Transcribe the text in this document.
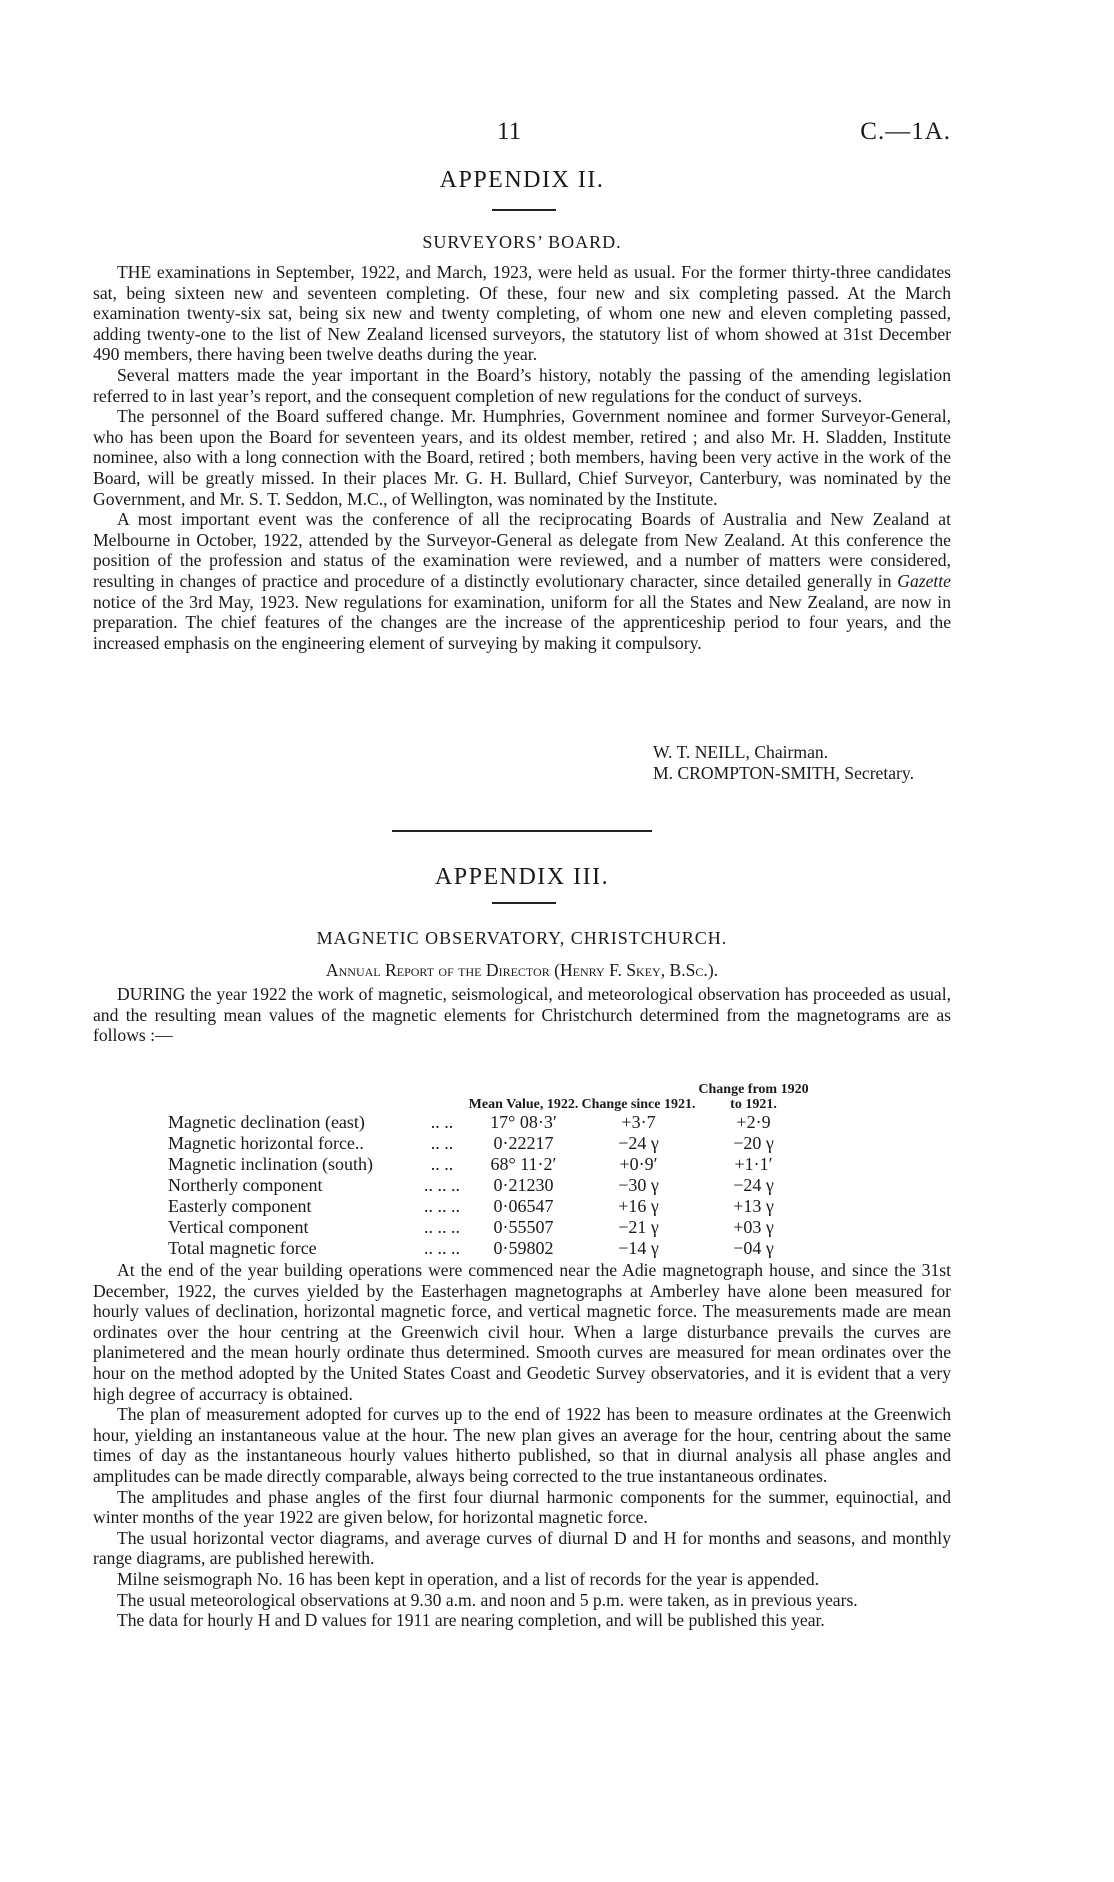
11	C.—1A.
APPENDIX II.
SURVEYORS’ BOARD.

THE examinations in September, 1922, and March, 1923, were held as usual. For the former thirty-three candidates sat, being sixteen new and seventeen completing. Of these, four new and six completing passed. At the March examination twenty-six sat, being six new and twenty completing, of whom one new and eleven completing passed, adding twenty-one to the list of New Zealand licensed surveyors, the statutory list of whom showed at 31st December 490 members, there having been twelve deaths during the year.

Several matters made the year important in the Board’s history, notably the passing of the amending legislation referred to in last year’s report, and the consequent completion of new regulations for the conduct of surveys.

The personnel of the Board suffered change. Mr. Humphries, Government nominee and former Surveyor-General, who has been upon the Board for seventeen years, and its oldest member, retired ; and also Mr. H. Sladden, Institute nominee, also with a long connection with the Board, retired ; both members, having been very active in the work of the Board, will be greatly missed. In their places Mr. G. H. Bullard, Chief Surveyor, Canterbury, was nominated by the Government, and Mr. S. T. Seddon, M.C., of Wellington, was nominated by the Institute.

A most important event was the conference of all the reciprocating Boards of Australia and New Zealand at Melbourne in October, 1922, attended by the Surveyor-General as delegate from New Zealand. At this conference the position of the profession and status of the examination were reviewed, and a number of matters were considered, resulting in changes of practice and procedure of a distinctly evolutionary character, since detailed generally in Gazette notice of the 3rd May, 1923. New regulations for examination, uniform for all the States and New Zealand, are now in preparation. The chief features of the changes are the increase of the apprenticeship period to four years, and the increased emphasis on the engineering element of surveying by making it compulsory.

W. T. NEILL, Chairman.
M. CROMPTON-SMITH, Secretary.
APPENDIX III.
MAGNETIC OBSERVATORY, CHRISTCHURCH.
Annual Report of the Director (Henry F. Skey, B.Sc.).

DURING the year 1922 the work of magnetic, seismological, and meteorological observation has proceeded as usual, and the resulting mean values of the magnetic elements for Christchurch determined from the magnetograms are as follows :—

		Mean Value, 1922.	Change since 1921.	Change from 1920 to 1921.
Magnetic declination (east)	.. ..	17° 08·3′	+3·7	+2·9
Magnetic horizontal force..	.. ..	0·22217	−24 γ	−20 γ
Magnetic inclination (south)	.. ..	68° 11·2′	+0·9′	+1·1′
Northerly component	.. .. ..	0·21230	−30 γ	−24 γ
Easterly component	.. .. ..	0·06547	+16 γ	+13 γ
Vertical component	.. .. ..	0·55507	−21 γ	+03 γ
Total magnetic force	.. .. ..	0·59802	−14 γ	−04 γ

At the end of the year building operations were commenced near the Adie magnetograph house, and since the 31st December, 1922, the curves yielded by the Easterhagen magnetographs at Amberley have alone been measured for hourly values of declination, horizontal magnetic force, and vertical magnetic force. The measurements made are mean ordinates over the hour centring at the Greenwich civil hour. When a large disturbance prevails the curves are planimetered and the mean hourly ordinate thus determined. Smooth curves are measured for mean ordinates over the hour on the method adopted by the United States Coast and Geodetic Survey observatories, and it is evident that a very high degree of accurracy is obtained.

The plan of measurement adopted for curves up to the end of 1922 has been to measure ordinates at the Greenwich hour, yielding an instantaneous value at the hour. The new plan gives an average for the hour, centring about the same times of day as the instantaneous hourly values hitherto published, so that in diurnal analysis all phase angles and amplitudes can be made directly comparable, always being corrected to the true instantaneous ordinates.

The amplitudes and phase angles of the first four diurnal harmonic components for the summer, equinoctial, and winter months of the year 1922 are given below, for horizontal magnetic force.

The usual horizontal vector diagrams, and average curves of diurnal D and H for months and seasons, and monthly range diagrams, are published herewith.

Milne seismograph No. 16 has been kept in operation, and a list of records for the year is appended.

The usual meteorological observations at 9.30 a.m. and noon and 5 p.m. were taken, as in previous years.

The data for hourly H and D values for 1911 are nearing completion, and will be published this year.
